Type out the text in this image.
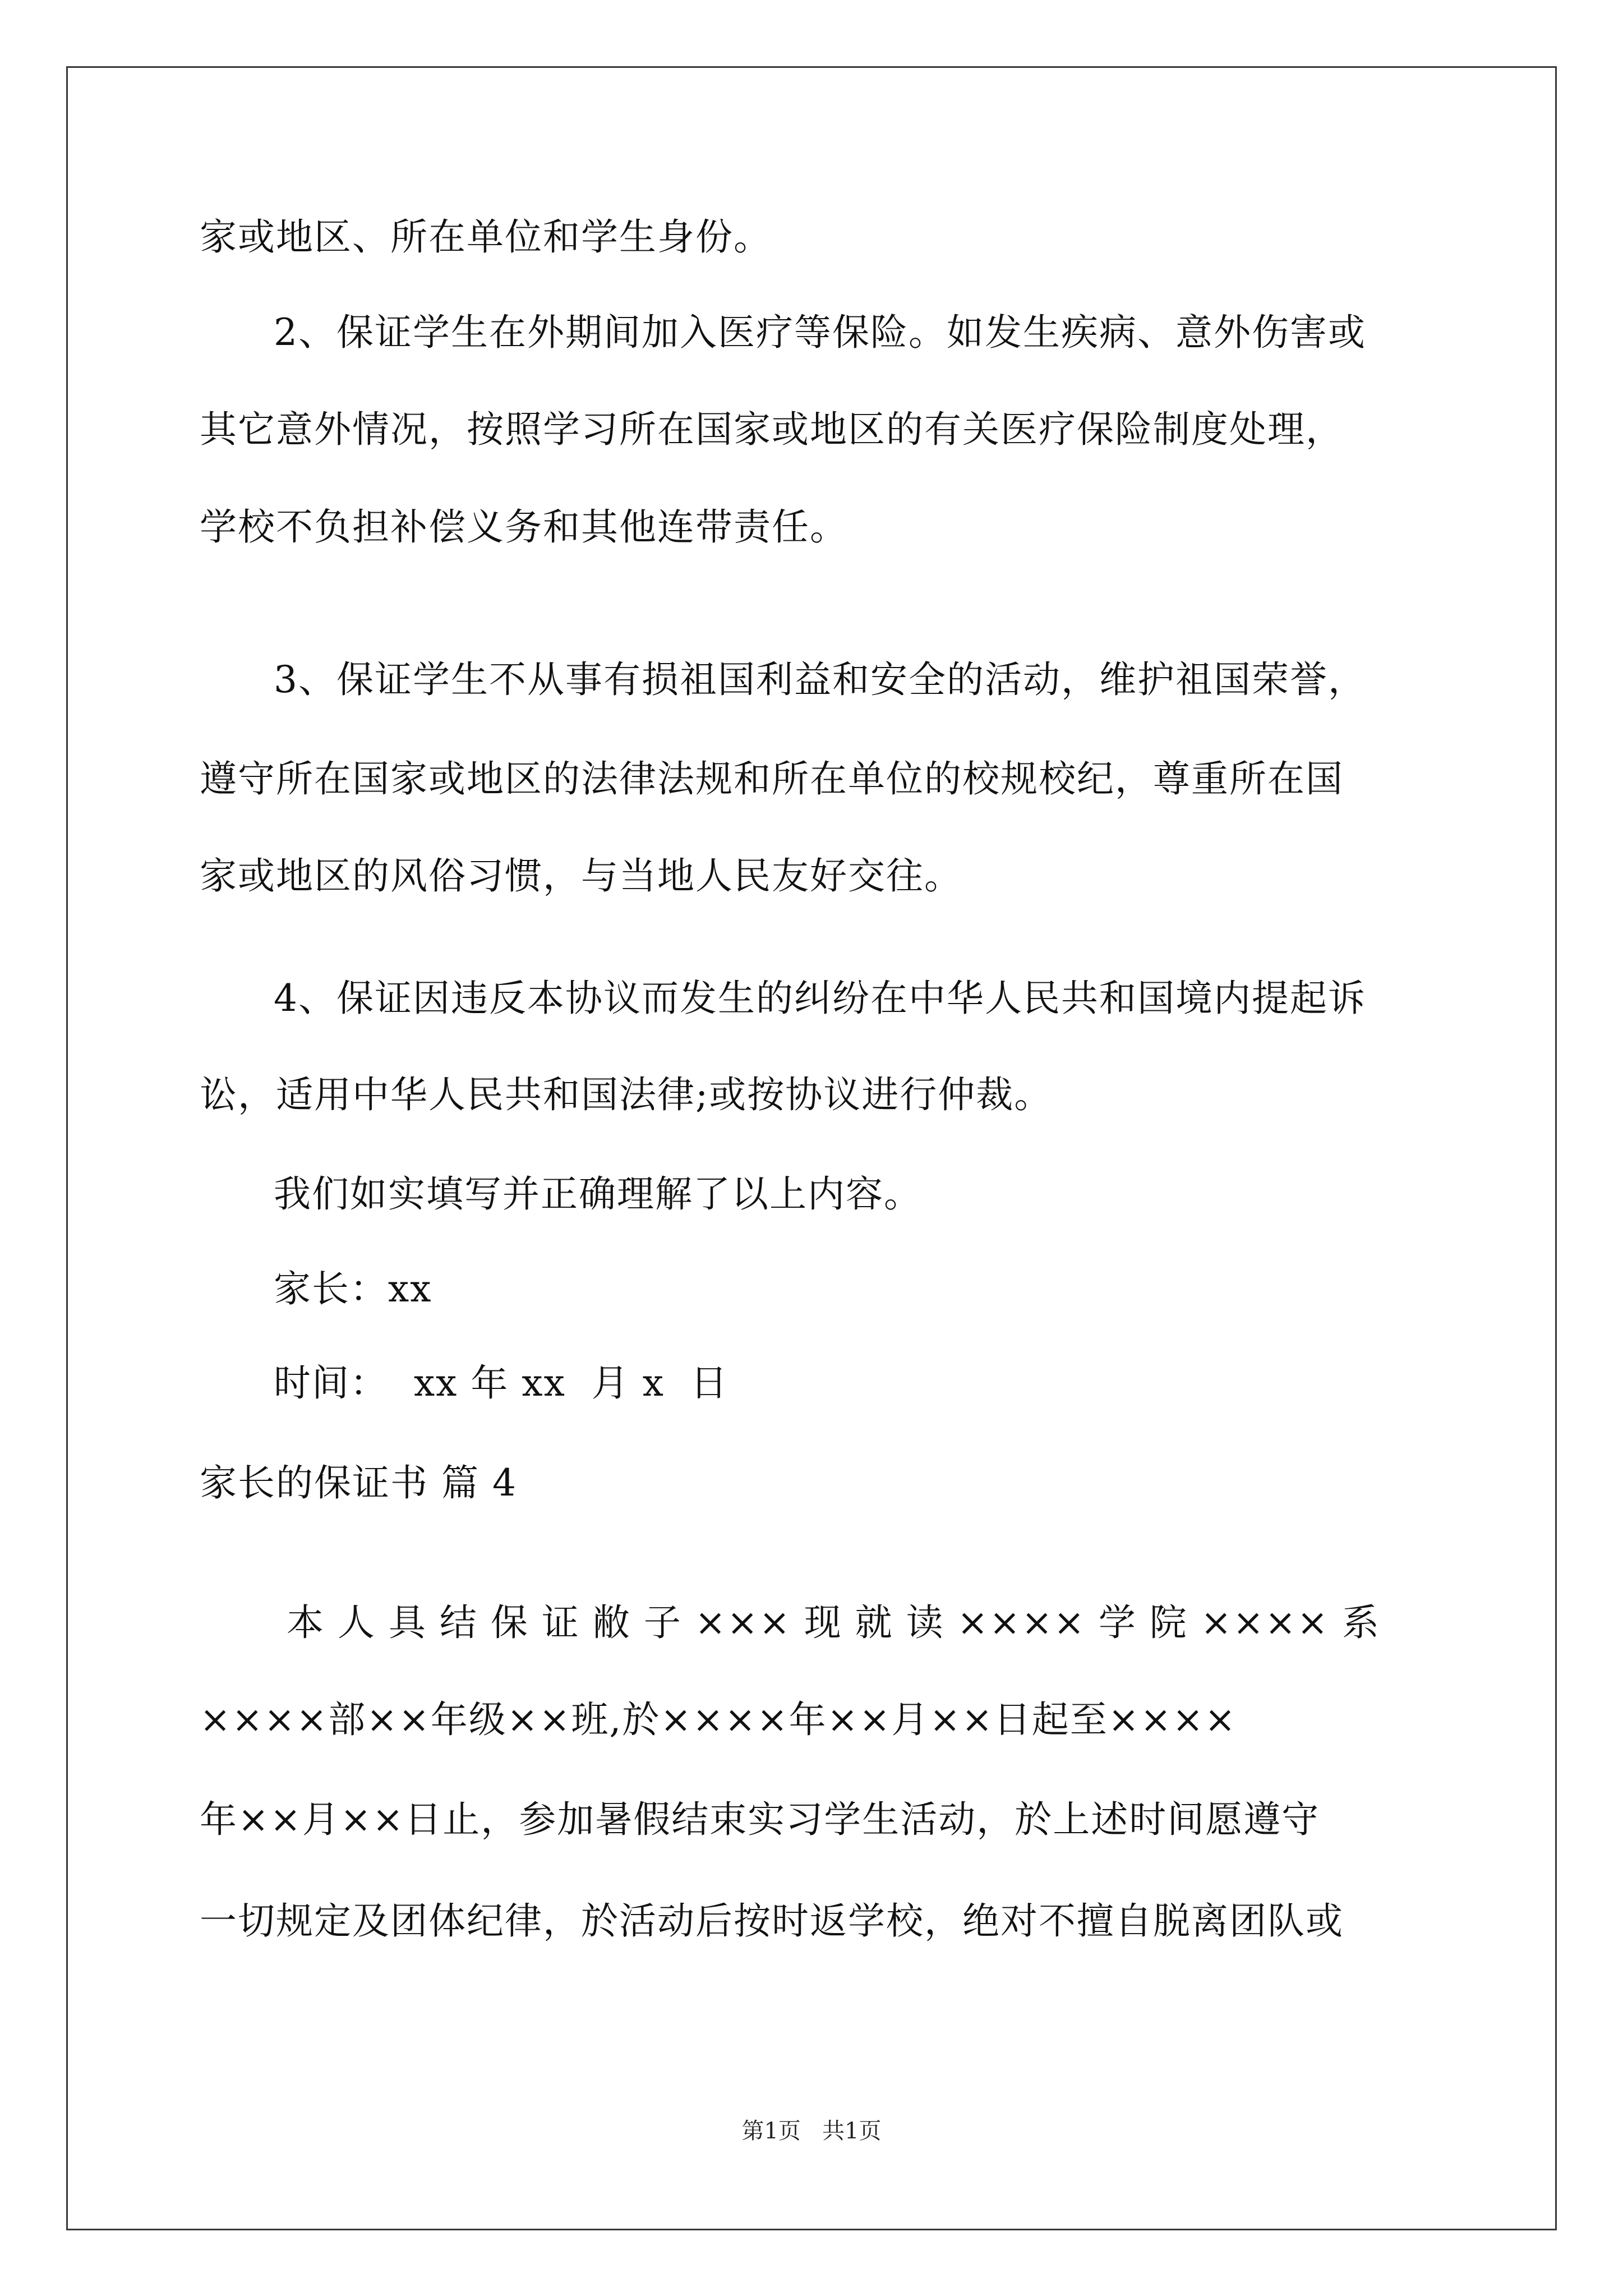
家或地区、所在单位和学生身份。
2、保证学生在外期间加入医疗等保险。如发生疾病、意外伤害或
其它意外情况，按照学习所在国家或地区的有关医疗保险制度处理，
学校不负担补偿义务和其他连带责任。
3、保证学生不从事有损祖国利益和安全的活动，维护祖国荣誉，
遵守所在国家或地区的法律法规和所在单位的校规校纪，尊重所在国
家或地区的风俗习惯，与当地人民友好交往。
4、保证因违反本协议而发生的纠纷在中华人民共和国境内提起诉
讼，适用中华人民共和国法律;或按协议进行仲裁。
我们如实填写并正确理解了以上内容。
家长：xx
时间：  xx 年 xx  月 x  日
家长的保证书 篇 4
本 人 具 结 保 证 敝 子 ××× 现 就 读 ×××× 学 院 ×××× 系
××××部××年级××班,於××××年××月××日起至××××
年××月××日止，参加暑假结束实习学生活动，於上述时间愿遵守
一切规定及团体纪律，於活动后按时返学校，绝对不擅自脱离团队或
第1页   共1页
